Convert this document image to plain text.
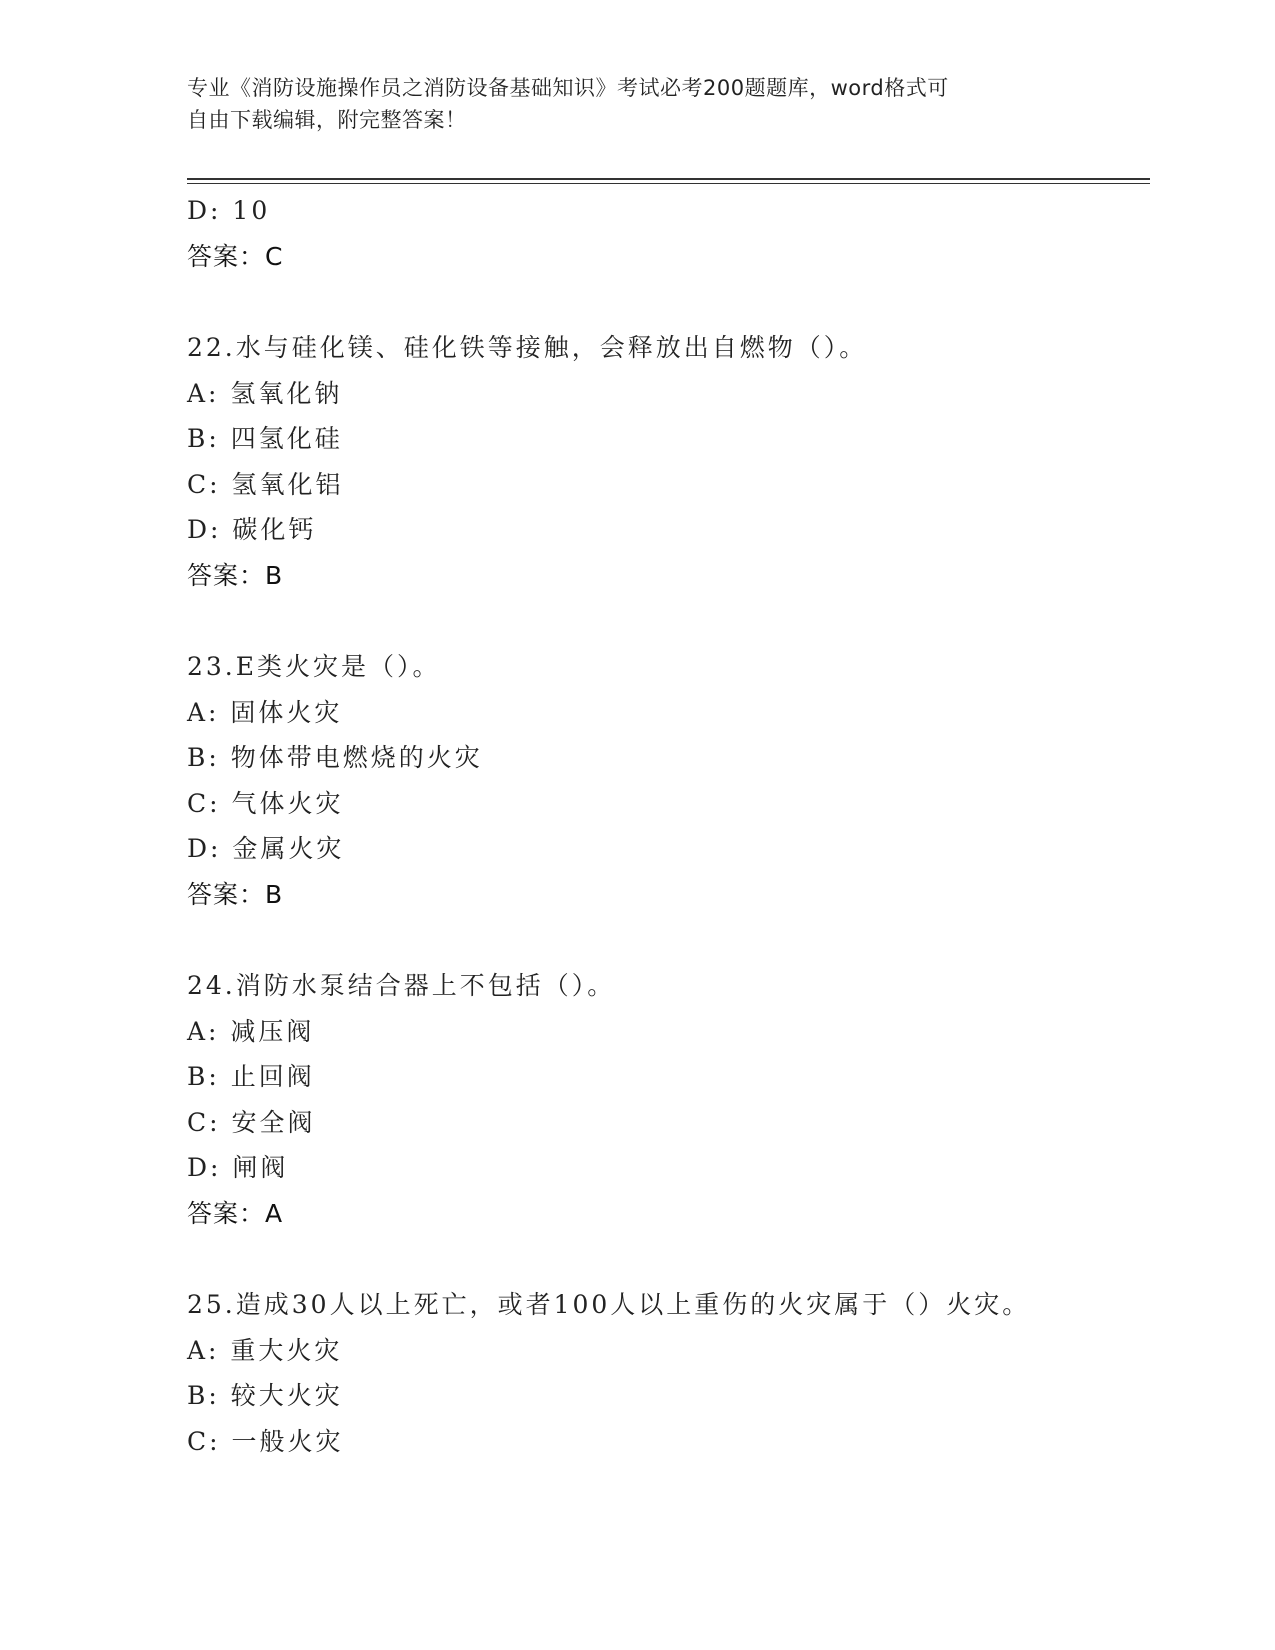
专业《消防设施操作员之消防设备基础知识》考试必考200题题库，word格式可
自由下载编辑，附完整答案！
D: 10
答案：C
22.水与硅化镁、硅化铁等接触，会释放出自燃物（）。
A: 氢氧化钠
B: 四氢化硅
C: 氢氧化铝
D: 碳化钙
答案：B
23.E类火灾是（）。
A: 固体火灾
B: 物体带电燃烧的火灾
C: 气体火灾
D: 金属火灾
答案：B
24.消防水泵结合器上不包括（）。
A: 减压阀
B: 止回阀
C: 安全阀
D: 闸阀
答案：A
25.造成30人以上死亡，或者100人以上重伤的火灾属于（）火灾。
A: 重大火灾
B: 较大火灾
C: 一般火灾
